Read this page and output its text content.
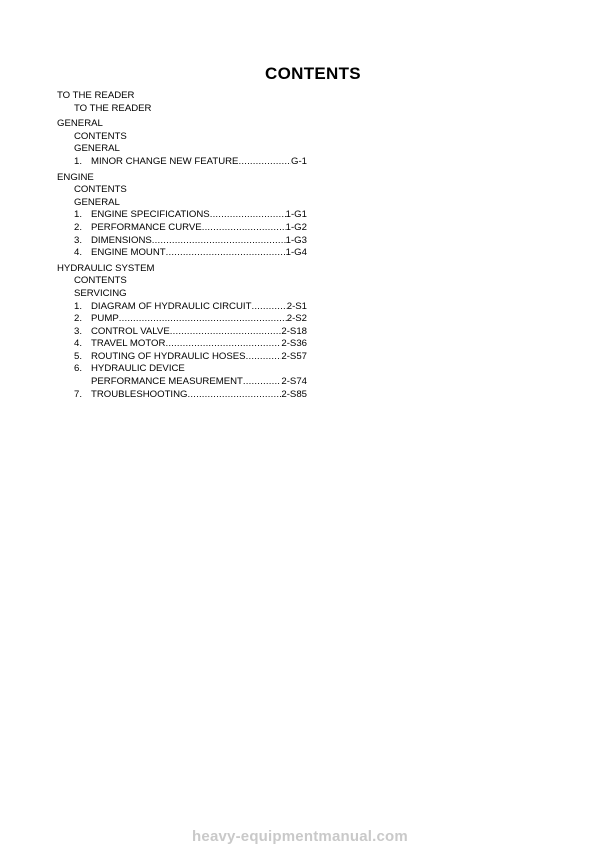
CONTENTS
TO THE READER
TO THE READER
GENERAL
CONTENTS
GENERAL
1. MINOR CHANGE NEW FEATURE .....	G-1
ENGINE
CONTENTS
GENERAL
1. ENGINE SPECIFICATIONS .....	1-G1
2. PERFORMANCE CURVE .....	1-G2
3. DIMENSIONS .....	1-G3
4. ENGINE MOUNT .....	1-G4
HYDRAULIC SYSTEM
CONTENTS
SERVICING
1. DIAGRAM OF HYDRAULIC CIRCUIT .....	2-S1
2. PUMP .....	2-S2
3. CONTROL VALVE .....	2-S18
4. TRAVEL MOTOR .....	2-S36
5. ROUTING OF HYDRAULIC HOSES .....	2-S57
6. HYDRAULIC DEVICE
PERFORMANCE MEASUREMENT .....	2-S74
7. TROUBLESHOOTING .....	2-S85
heavy-equipmentmanual.com
